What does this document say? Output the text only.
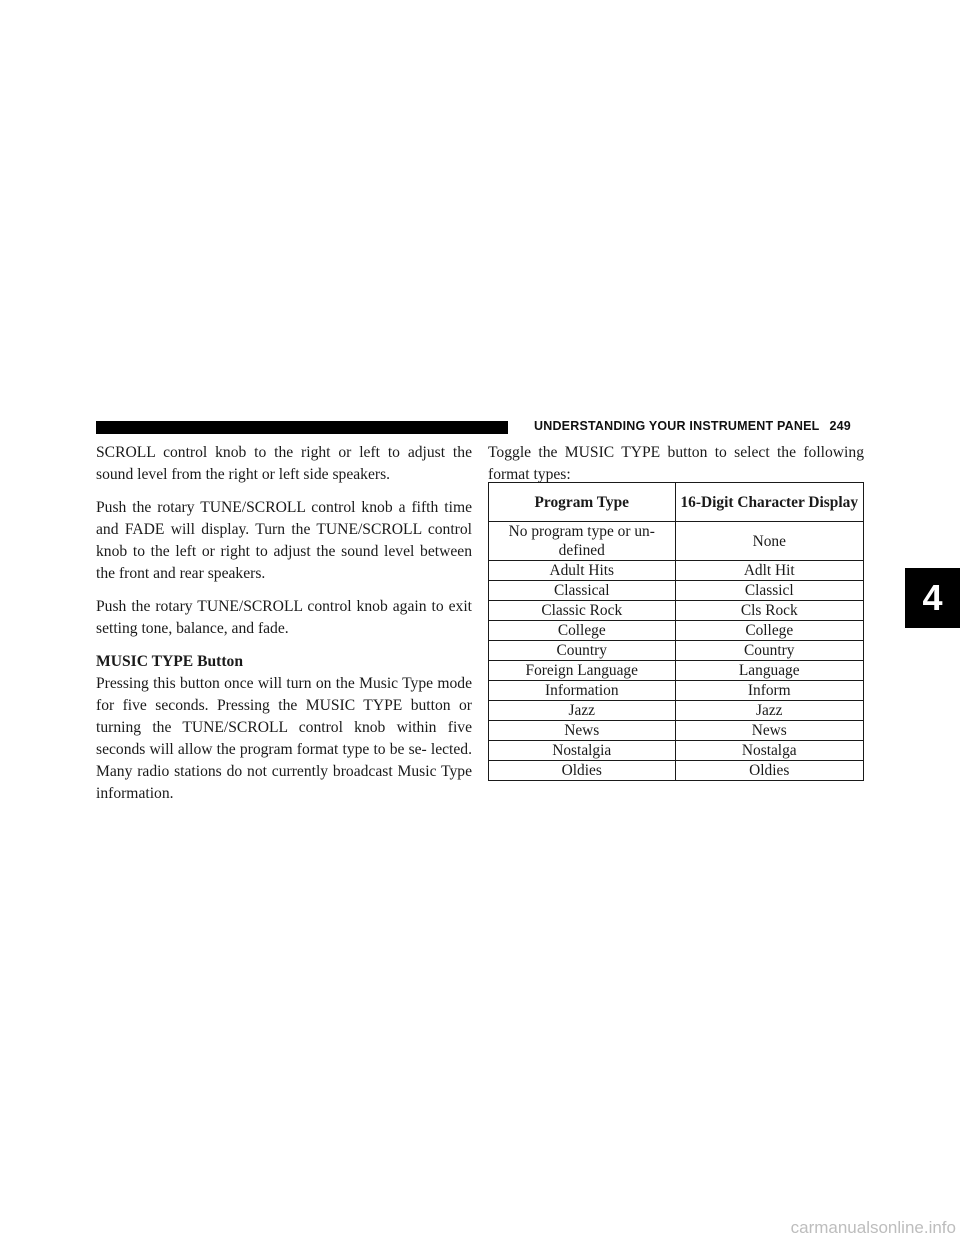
UNDERSTANDING YOUR INSTRUMENT PANEL 249
4

SCROLL control knob to the right or left to adjust the sound level from the right or left side speakers.

Push the rotary TUNE/SCROLL control knob a fifth time and FADE will display. Turn the TUNE/SCROLL control knob to the left or right to adjust the sound level between the front and rear speakers.

Push the rotary TUNE/SCROLL control knob again to exit setting tone, balance, and fade.

MUSIC TYPE Button

Pressing this button once will turn on the Music Type mode for five seconds. Pressing the MUSIC TYPE button or turning the TUNE/SCROLL control knob within five seconds will allow the program format type to be se- lected. Many radio stations do not currently broadcast Music Type information.

Toggle the MUSIC TYPE button to select the following format types:

Program Type	16-Digit Character Display
No program type or un- defined	None
Adult Hits	Adlt Hit
Classical	Classicl
Classic Rock	Cls Rock
College	College
Country	Country
Foreign Language	Language
Information	Inform
Jazz	Jazz
News	News
Nostalgia	Nostalga
Oldies	Oldies
carmanualsonline.info
